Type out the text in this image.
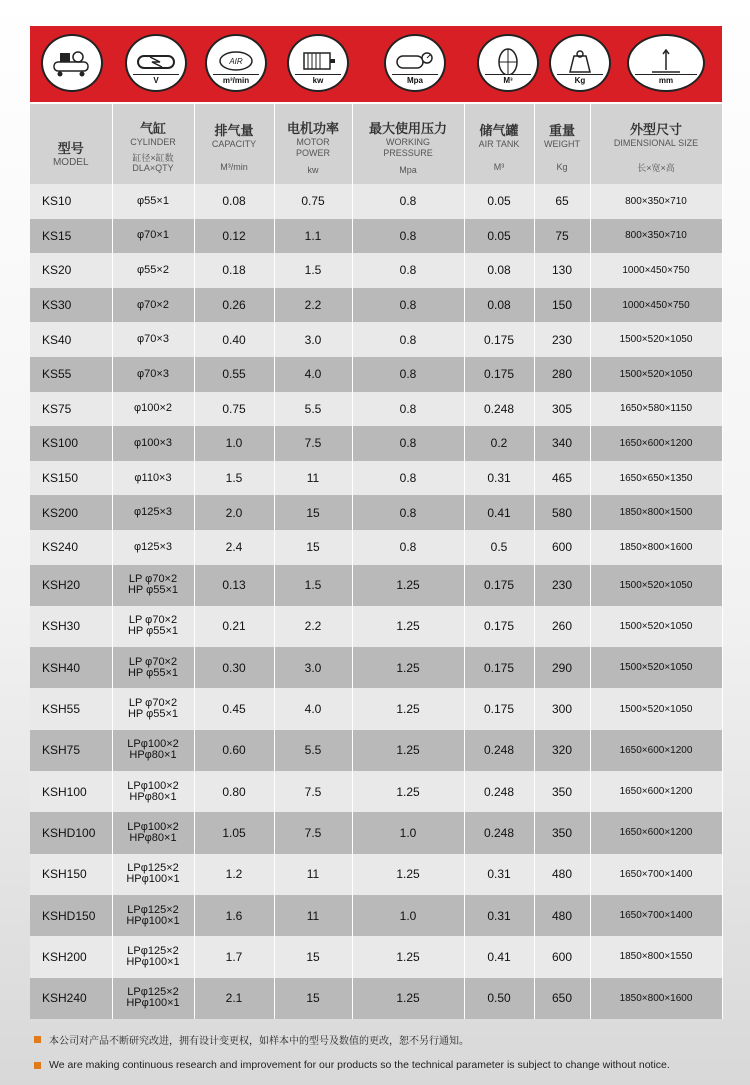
V
AIR
m³/min	kw	Mpa	M³	Kg	mm
型号
MODEL	气缸
CYLINDER
缸径×缸数
DLA×QTY	排气量
CAPACITY
M³/min	电机功率
MOTOR
POWER
kw	最大使用压力
WORKING
PRESSURE
Mpa	储气罐
AIR TANK
M³	重量
WEIGHT
Kg	外型尺寸
DIMENSIONAL SIZE
长×宽×高

KS10	φ55×1	0.08	0.75	0.8	0.05	65	800×350×710
KS15	φ70×1	0.12	1.1	0.8	0.05	75	800×350×710
KS20	φ55×2	0.18	1.5	0.8	0.08	130	1000×450×750
KS30	φ70×2	0.26	2.2	0.8	0.08	150	1000×450×750
KS40	φ70×3	0.40	3.0	0.8	0.175	230	1500×520×1050
KS55	φ70×3	0.55	4.0	0.8	0.175	280	1500×520×1050
KS75	φ100×2	0.75	5.5	0.8	0.248	305	1650×580×1150
KS100	φ100×3	1.0	7.5	0.8	0.2	340	1650×600×1200
KS150	φ110×3	1.5	11	0.8	0.31	465	1650×650×1350
KS200	φ125×3	2.0	15	0.8	0.41	580	1850×800×1500
KS240	φ125×3	2.4	15	0.8	0.5	600	1850×800×1600
KSH20	LP φ70×2
HP φ55×1	0.13	1.5	1.25	0.175	230	1500×520×1050
KSH30	LP φ70×2
HP φ55×1	0.21	2.2	1.25	0.175	260	1500×520×1050
KSH40	LP φ70×2
HP φ55×1	0.30	3.0	1.25	0.175	290	1500×520×1050
KSH55	LP φ70×2
HP φ55×1	0.45	4.0	1.25	0.175	300	1500×520×1050
KSH75	LPφ100×2
HPφ80×1	0.60	5.5	1.25	0.248	320	1650×600×1200
KSH100	LPφ100×2
HPφ80×1	0.80	7.5	1.25	0.248	350	1650×600×1200
KSHD100	LPφ100×2
HPφ80×1	1.05	7.5	1.0	0.248	350	1650×600×1200
KSH150	LPφ125×2
HPφ100×1	1.2	11	1.25	0.31	480	1650×700×1400
KSHD150	LPφ125×2
HPφ100×1	1.6	11	1.0	0.31	480	1650×700×1400
KSH200	LPφ125×2
HPφ100×1	1.7	15	1.25	0.41	600	1850×800×1550
KSH240	LPφ125×2
HPφ100×1	2.1	15	1.25	0.50	650	1850×800×1600
本公司对产品不断研究改进，拥有设计变更权，如样本中的型号及数值的更改，恕不另行通知。
We are making continuous research and improvement for our products so the technical parameter is subject to change without notice.
